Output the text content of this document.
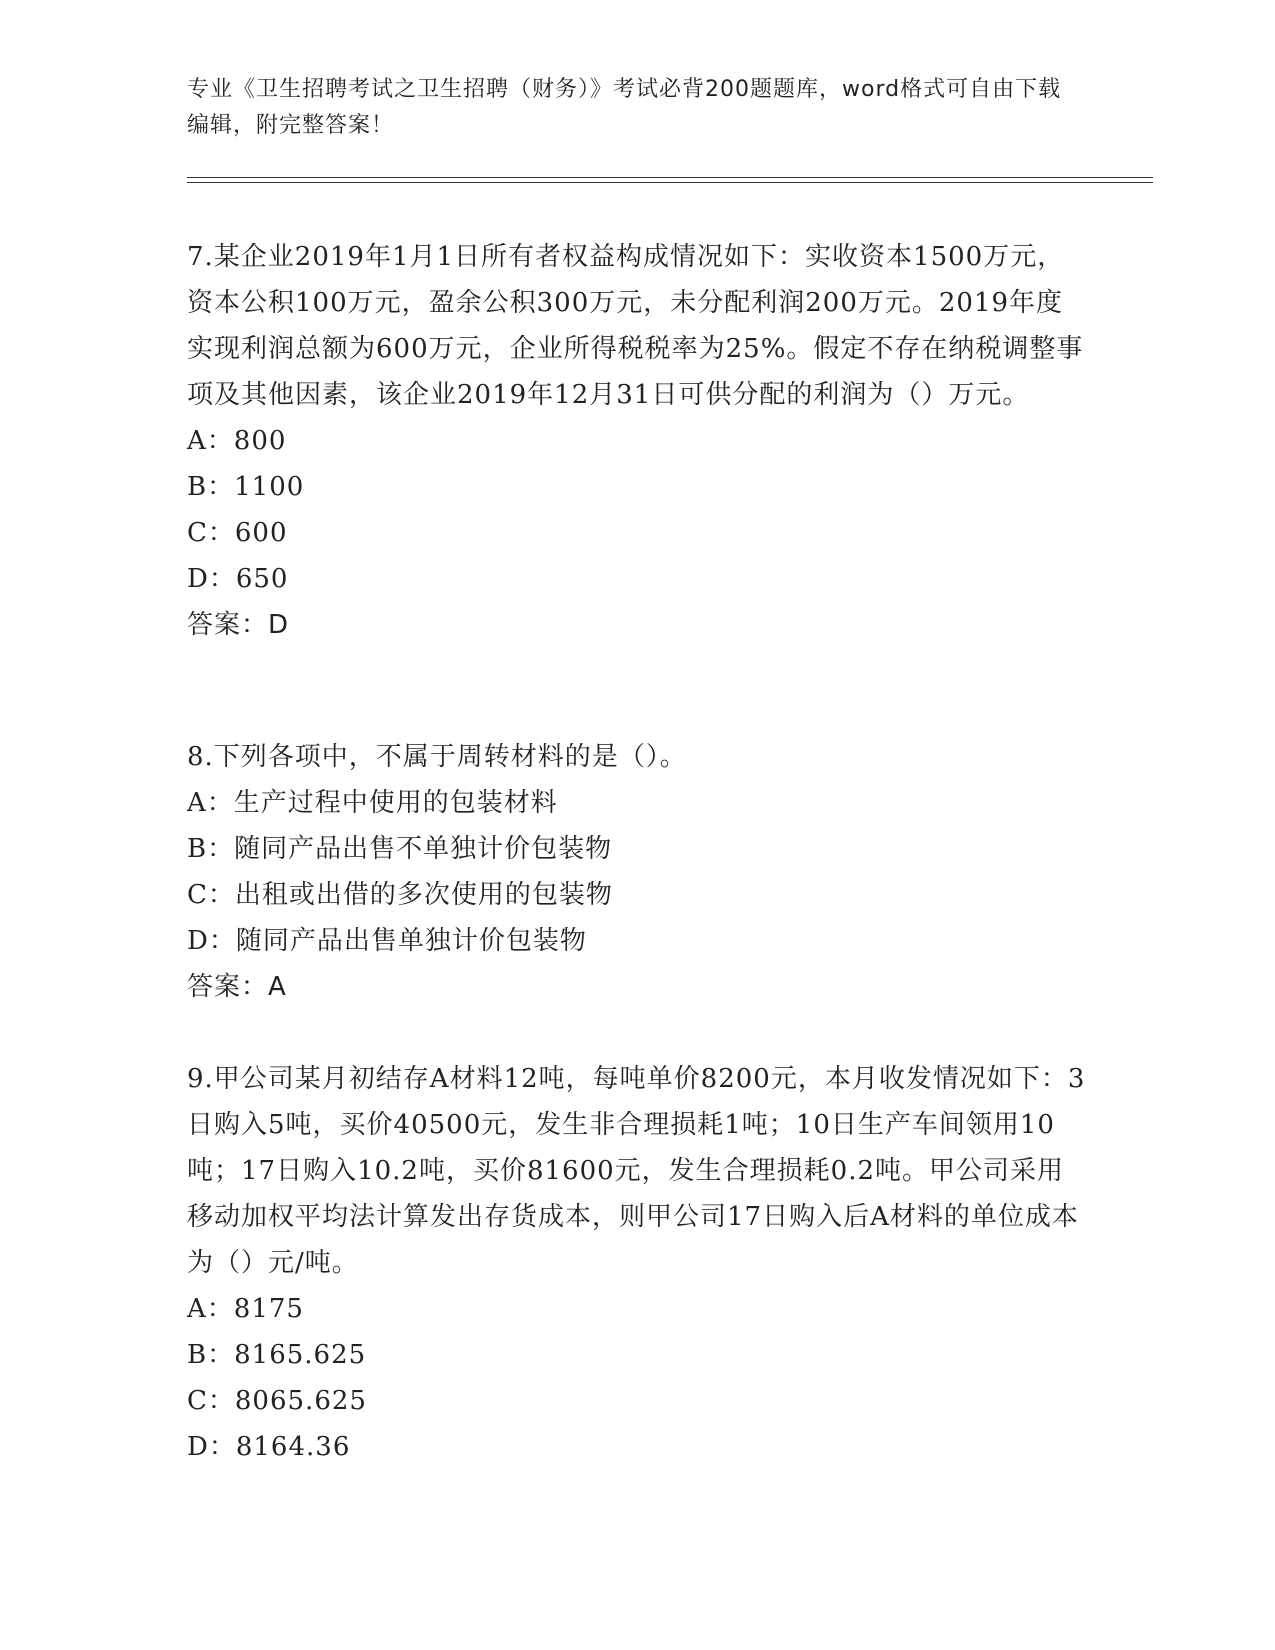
专业《卫生招聘考试之卫生招聘（财务）》考试必背200题题库，word格式可自由下载编辑，附完整答案！

7.某企业2019年1月1日所有者权益构成情况如下：实收资本1500万元，资本公积100万元，盈余公积300万元，未分配利润200万元。2019年度实现利润总额为600万元，企业所得税税率为25%。假定不存在纳税调整事项及其他因素，该企业2019年12月31日可供分配的利润为（）万元。

A：800

B：1100

C：600

D：650

答案：D

8.下列各项中，不属于周转材料的是（）。

A：生产过程中使用的包装材料

B：随同产品出售不单独计价包装物

C：出租或出借的多次使用的包装物

D：随同产品出售单独计价包装物

答案：A

9.甲公司某月初结存A材料12吨，每吨单价8200元，本月收发情况如下：3日购入5吨，买价40500元，发生非合理损耗1吨；10日生产车间领用10吨；17日购入10.2吨，买价81600元，发生合理损耗0.2吨。甲公司采用移动加权平均法计算发出存货成本，则甲公司17日购入后A材料的单位成本为（）元/吨。

A：8175

B：8165.625

C：8065.625

D：8164.36
